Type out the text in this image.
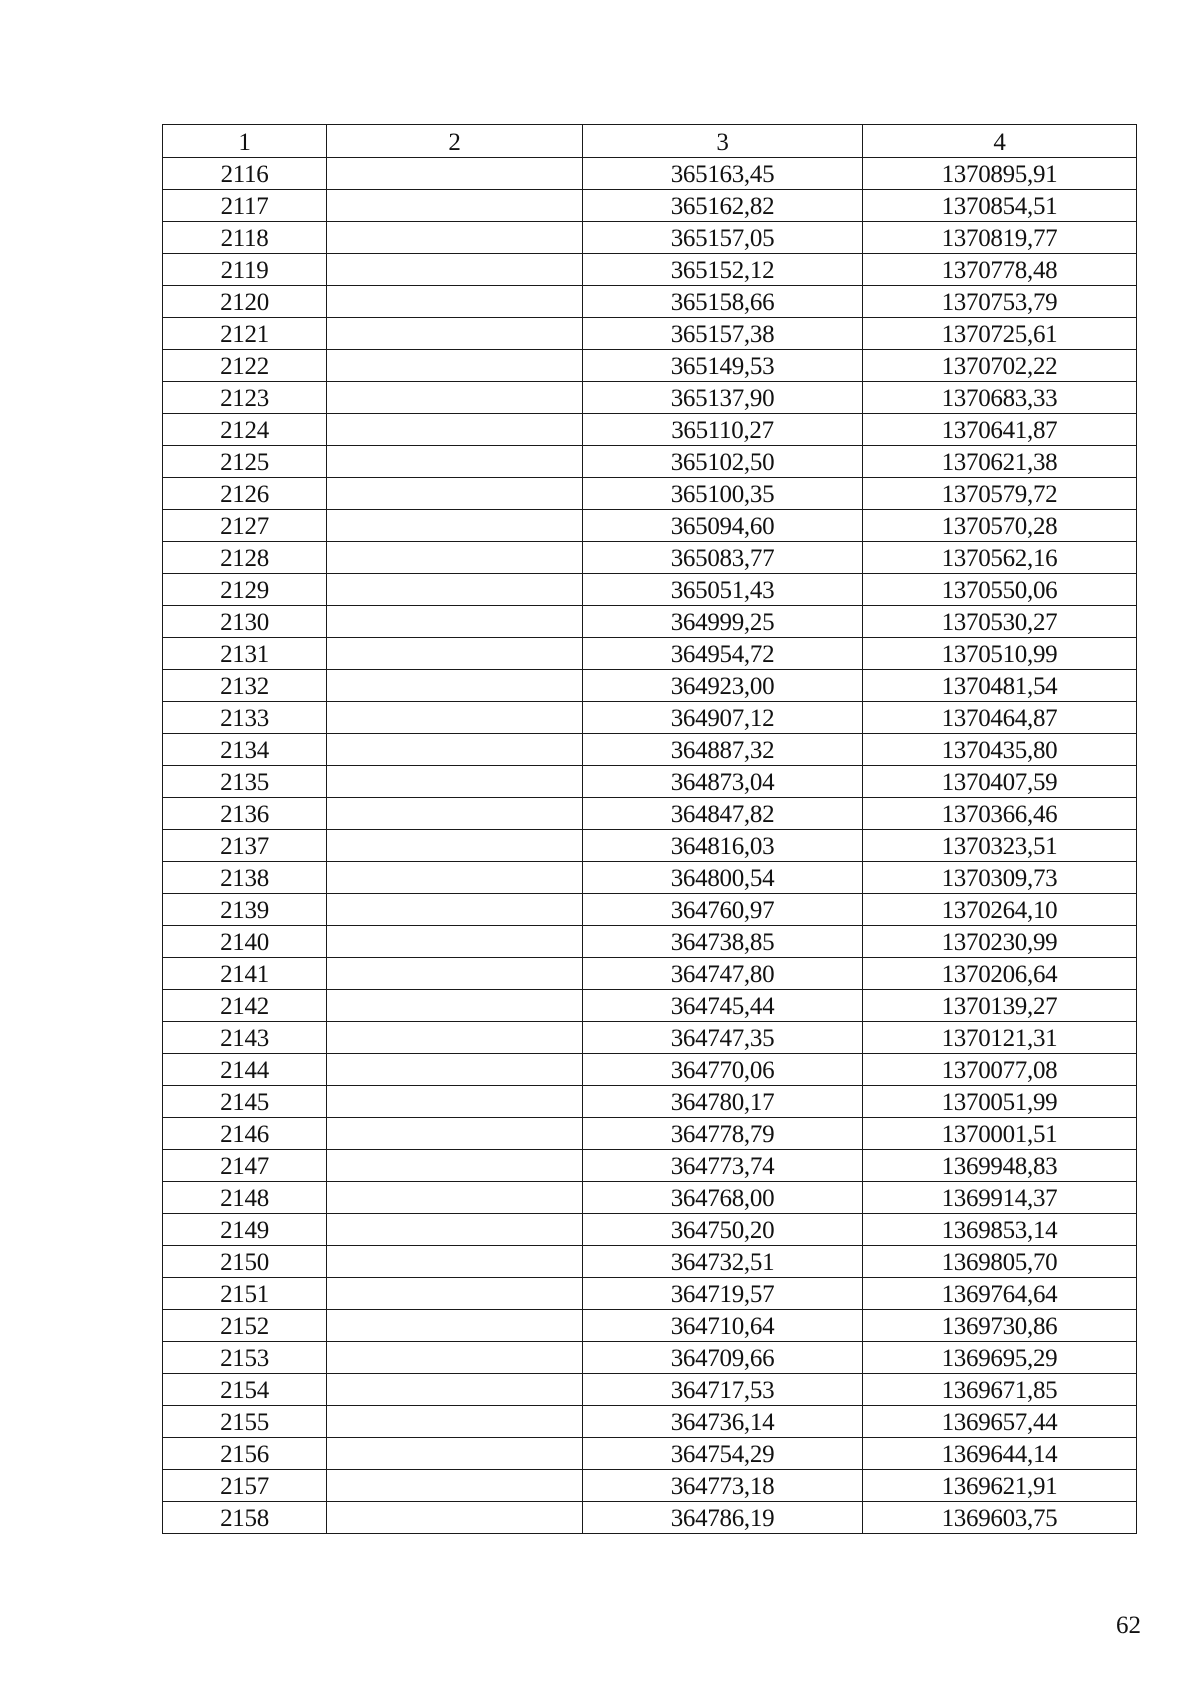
1	2	3	4
2116		365163,45	1370895,91
2117		365162,82	1370854,51
2118		365157,05	1370819,77
2119		365152,12	1370778,48
2120		365158,66	1370753,79
2121		365157,38	1370725,61
2122		365149,53	1370702,22
2123		365137,90	1370683,33
2124		365110,27	1370641,87
2125		365102,50	1370621,38
2126		365100,35	1370579,72
2127		365094,60	1370570,28
2128		365083,77	1370562,16
2129		365051,43	1370550,06
2130		364999,25	1370530,27
2131		364954,72	1370510,99
2132		364923,00	1370481,54
2133		364907,12	1370464,87
2134		364887,32	1370435,80
2135		364873,04	1370407,59
2136		364847,82	1370366,46
2137		364816,03	1370323,51
2138		364800,54	1370309,73
2139		364760,97	1370264,10
2140		364738,85	1370230,99
2141		364747,80	1370206,64
2142		364745,44	1370139,27
2143		364747,35	1370121,31
2144		364770,06	1370077,08
2145		364780,17	1370051,99
2146		364778,79	1370001,51
2147		364773,74	1369948,83
2148		364768,00	1369914,37
2149		364750,20	1369853,14
2150		364732,51	1369805,70
2151		364719,57	1369764,64
2152		364710,64	1369730,86
2153		364709,66	1369695,29
2154		364717,53	1369671,85
2155		364736,14	1369657,44
2156		364754,29	1369644,14
2157		364773,18	1369621,91
2158		364786,19	1369603,75
62
